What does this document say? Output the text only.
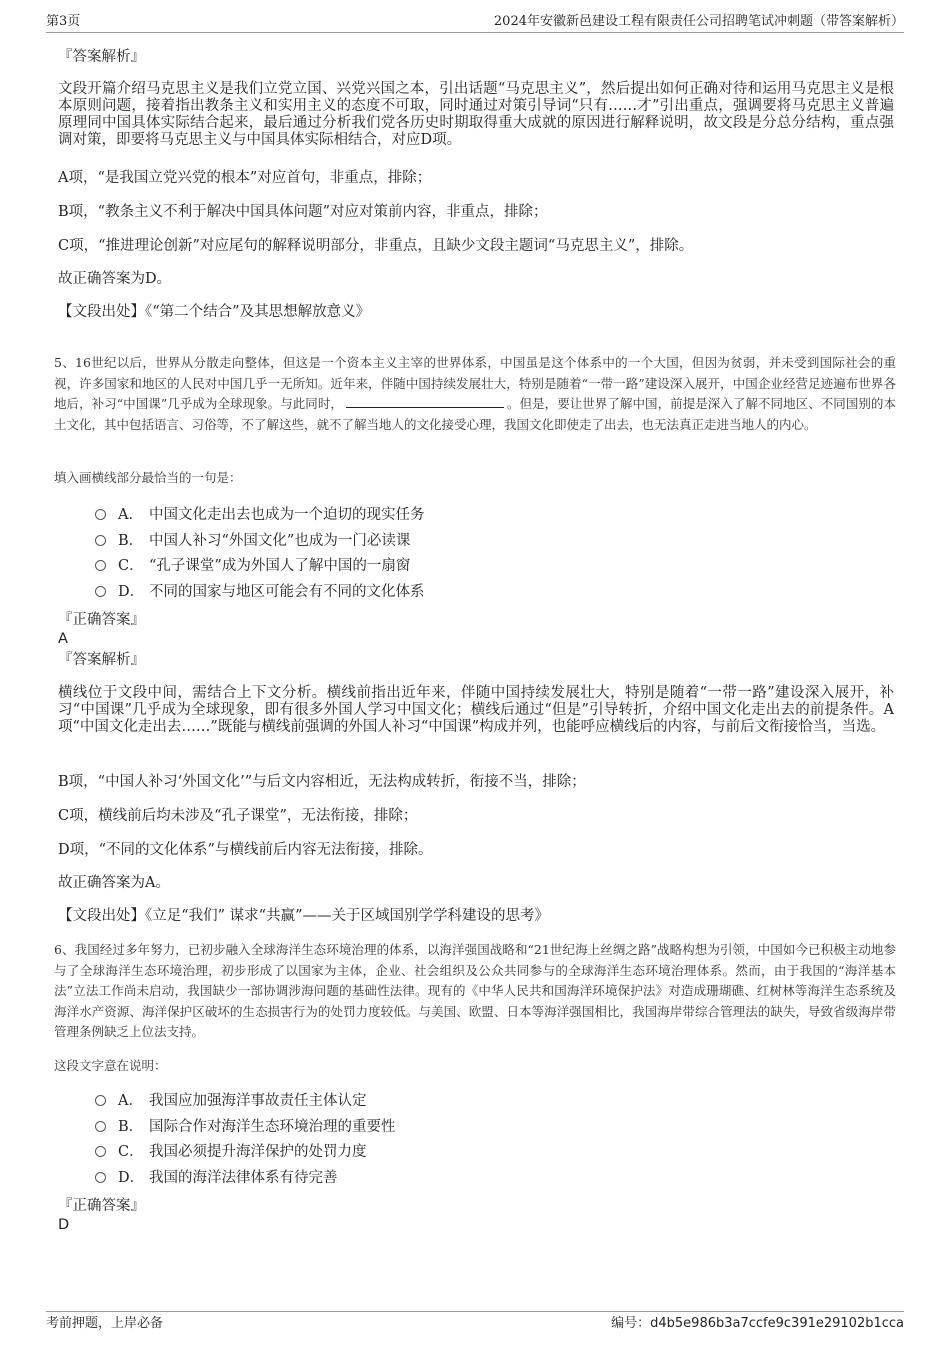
第3页	2024年安徽新邑建设工程有限责任公司招聘笔试冲刺题（带答案解析）
『答案解析』
文段开篇介绍马克思主义是我们立党立国、兴党兴国之本，引出话题“马克思主义”，然后提出如何正确对待和运用马克思主义是根本原则问题，接着指出教条主义和实用主义的态度不可取，同时通过对策引导词“只有……才”引出重点，强调要将马克思主义普遍原理同中国具体实际结合起来，最后通过分析我们党各历史时期取得重大成就的原因进行解释说明，故文段是分总分结构，重点强调对策，即要将马克思主义与中国具体实际相结合，对应D项。
A项，“是我国立党兴党的根本”对应首句，非重点，排除；
B项，“教条主义不利于解决中国具体问题”对应对策前内容，非重点，排除；
C项，“推进理论创新”对应尾句的解释说明部分，非重点，且缺少文段主题词“马克思主义”，排除。
故正确答案为D。
【文段出处】《“第二个结合”及其思想解放意义》
5、16世纪以后，世界从分散走向整体，但这是一个资本主义主宰的世界体系，中国虽是这个体系中的一个大国，但因为贫弱，并未受到国际社会的重视，许多国家和地区的人民对中国几乎一无所知。近年来，伴随中国持续发展壮大，特别是随着“一带一路”建设深入展开，中国企业经营足迹遍布世界各地后，补习“中国课”几乎成为全球现象。与此同时，	。但是，要让世界了解中国，前提是深入了解不同地区、不同国别的本土文化，其中包括语言、习俗等，不了解这些，就不了解当地人的文化接受心理，我国文化即使走了出去，也无法真正走进当地人的内心。
填入画横线部分最恰当的一句是：
A． 中国文化走出去也成为一个迫切的现实任务
B． 中国人补习“外国文化”也成为一门必读课
C． “孔子课堂”成为外国人了解中国的一扇窗
D． 不同的国家与地区可能会有不同的文化体系
『正确答案』
A
『答案解析』
横线位于文段中间，需结合上下文分析。横线前指出近年来，伴随中国持续发展壮大，特别是随着“一带一路”建设深入展开，补习“中国课”几乎成为全球现象，即有很多外国人学习中国文化；横线后通过“但是”引导转折，介绍中国文化走出去的前提条件。A项“中国文化走出去……”既能与横线前强调的外国人补习“中国课”构成并列，也能呼应横线后的内容，与前后文衔接恰当，当选。
B项，“中国人补习‘外国文化’”与后文内容相近，无法构成转折，衔接不当，排除；
C项，横线前后均未涉及“孔子课堂”，无法衔接，排除；
D项，“不同的文化体系”与横线前后内容无法衔接，排除。
故正确答案为A。
【文段出处】《立足“我们” 谋求“共赢”——关于区域国别学学科建设的思考》
6、我国经过多年努力，已初步融入全球海洋生态环境治理的体系，以海洋强国战略和“21世纪海上丝绸之路”战略构想为引领，中国如今已积极主动地参与了全球海洋生态环境治理，初步形成了以国家为主体，企业、社会组织及公众共同参与的全球海洋生态环境治理体系。然而，由于我国的“海洋基本法”立法工作尚未启动，我国缺少一部协调涉海问题的基础性法律。现有的《中华人民共和国海洋环境保护法》对造成珊瑚礁、红树林等海洋生态系统及海洋水产资源、海洋保护区破坏的生态损害行为的处罚力度较低。与美国、欧盟、日本等海洋强国相比，我国海岸带综合管理法的缺失，导致省级海岸带管理条例缺乏上位法支持。
这段文字意在说明：
A． 我国应加强海洋事故责任主体认定
B． 国际合作对海洋生态环境治理的重要性
C． 我国必须提升海洋保护的处罚力度
D． 我国的海洋法律体系有待完善
『正确答案』
D
考前押题，上岸必备	编号：d4b5e986b3a7ccfe9c391e29102b1cca
